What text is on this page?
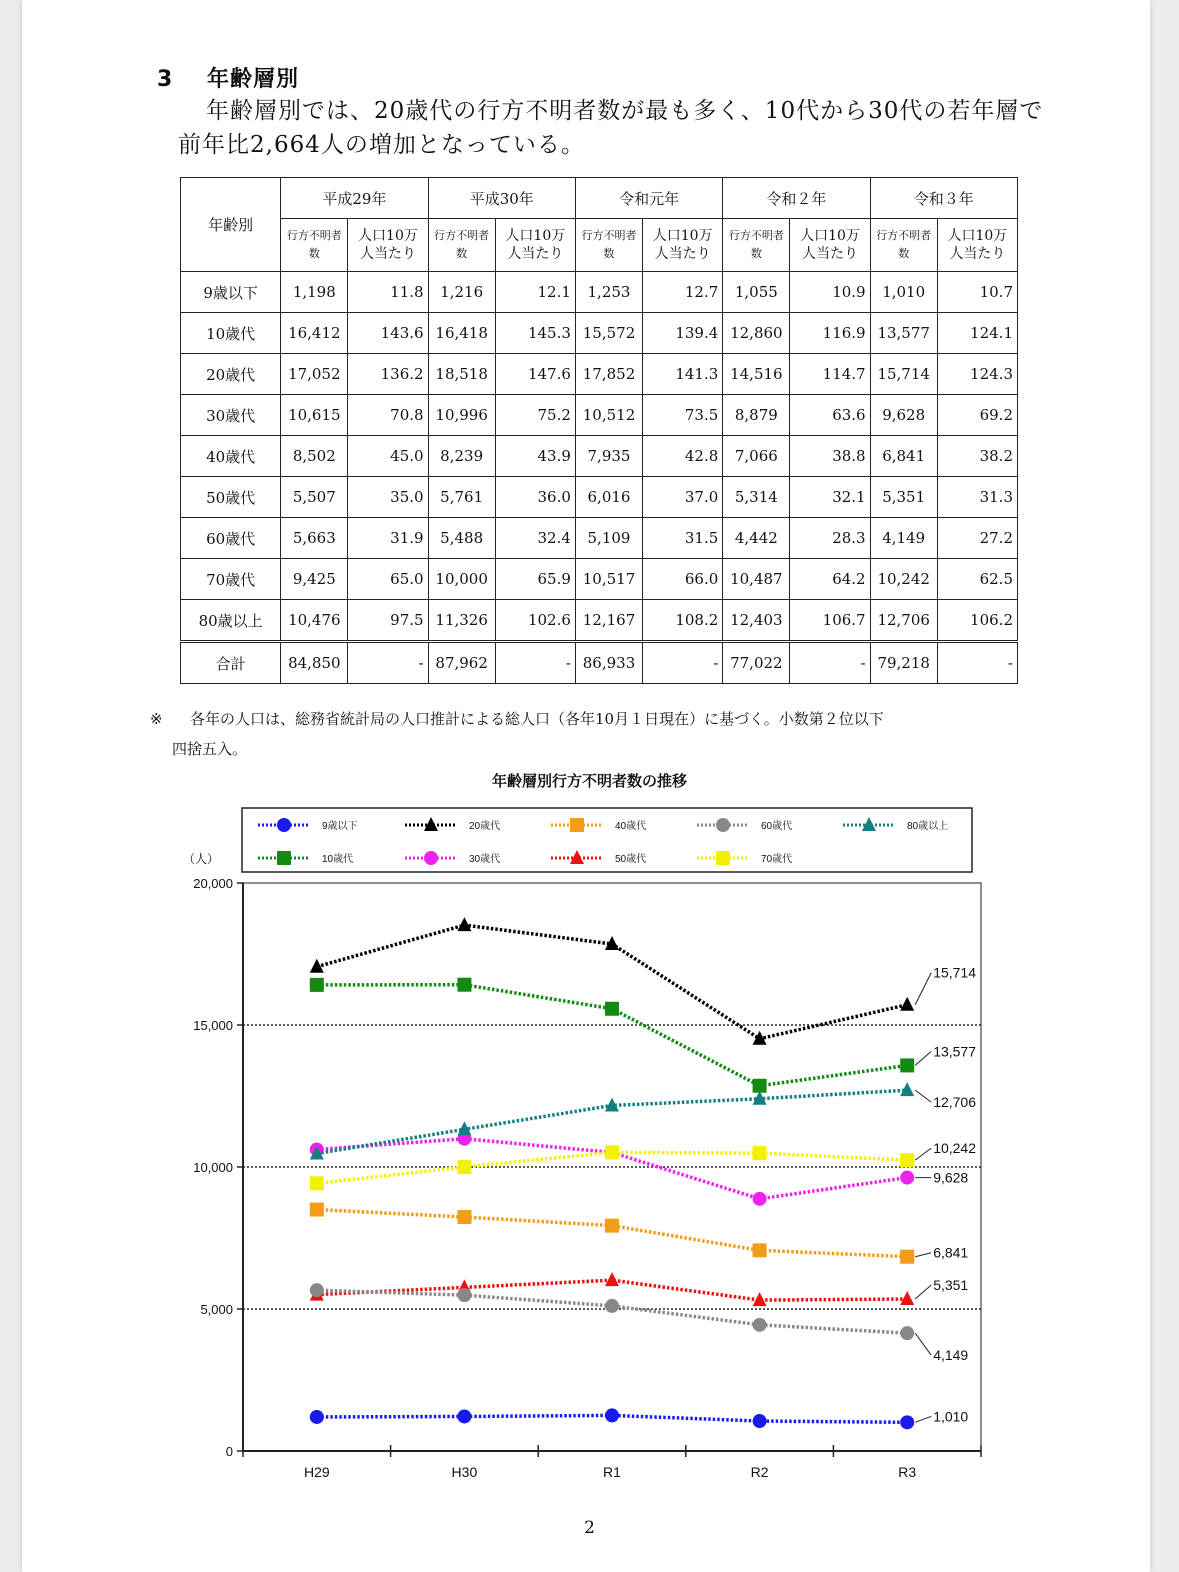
3 年齢層別
年齢層別では、20歳代の行方不明者数が最も多く、10代から30代の若年層で前年比2,664人の増加となっている。
年齢別	平成29年		平成30年		令和元年		令和２年		令和３年	
	行方不明者数	人口10万人当たり	行方不明者数	人口10万人当たり	行方不明者数	人口10万人当たり	行方不明者数	人口10万人当たり	行方不明者数	人口10万人当たり
9歳以下	1,198	11.8	1,216	12.1	1,253	12.7	1,055	10.9	1,010	10.7
10歳代	16,412	143.6	16,418	145.3	15,572	139.4	12,860	116.9	13,577	124.1
20歳代	17,052	136.2	18,518	147.6	17,852	141.3	14,516	114.7	15,714	124.3
30歳代	10,615	70.8	10,996	75.2	10,512	73.5	8,879	63.6	9,628	69.2
40歳代	8,502	45.0	8,239	43.9	7,935	42.8	7,066	38.8	6,841	38.2
50歳代	5,507	35.0	5,761	36.0	6,016	37.0	5,314	32.1	5,351	31.3
60歳代	5,663	31.9	5,488	32.4	5,109	31.5	4,442	28.3	4,149	27.2
70歳代	9,425	65.0	10,000	65.9	10,517	66.0	10,487	64.2	10,242	62.5
80歳以上	10,476	97.5	11,326	102.6	12,167	108.2	12,403	106.7	12,706	106.2
合計	84,850	-	87,962	-	86,933	-	77,022	-	79,218	-
※ 各年の人口は、総務省統計局の人口推計による総人口（各年10月１日現在）に基づく。小数第２位以下
四捨五入。
年齢層別行方不明者数の推移
9歳以下
10歳代
20歳代
30歳代
40歳代
50歳代
60歳代
70歳代
80歳以上
0
5,000
10,000
15,000
20,000
（人）
H29	H30	R1	R2	R3
1,010
13,577
15,714
9,628
6,841
5,351
4,149
10,242
12,706
2
